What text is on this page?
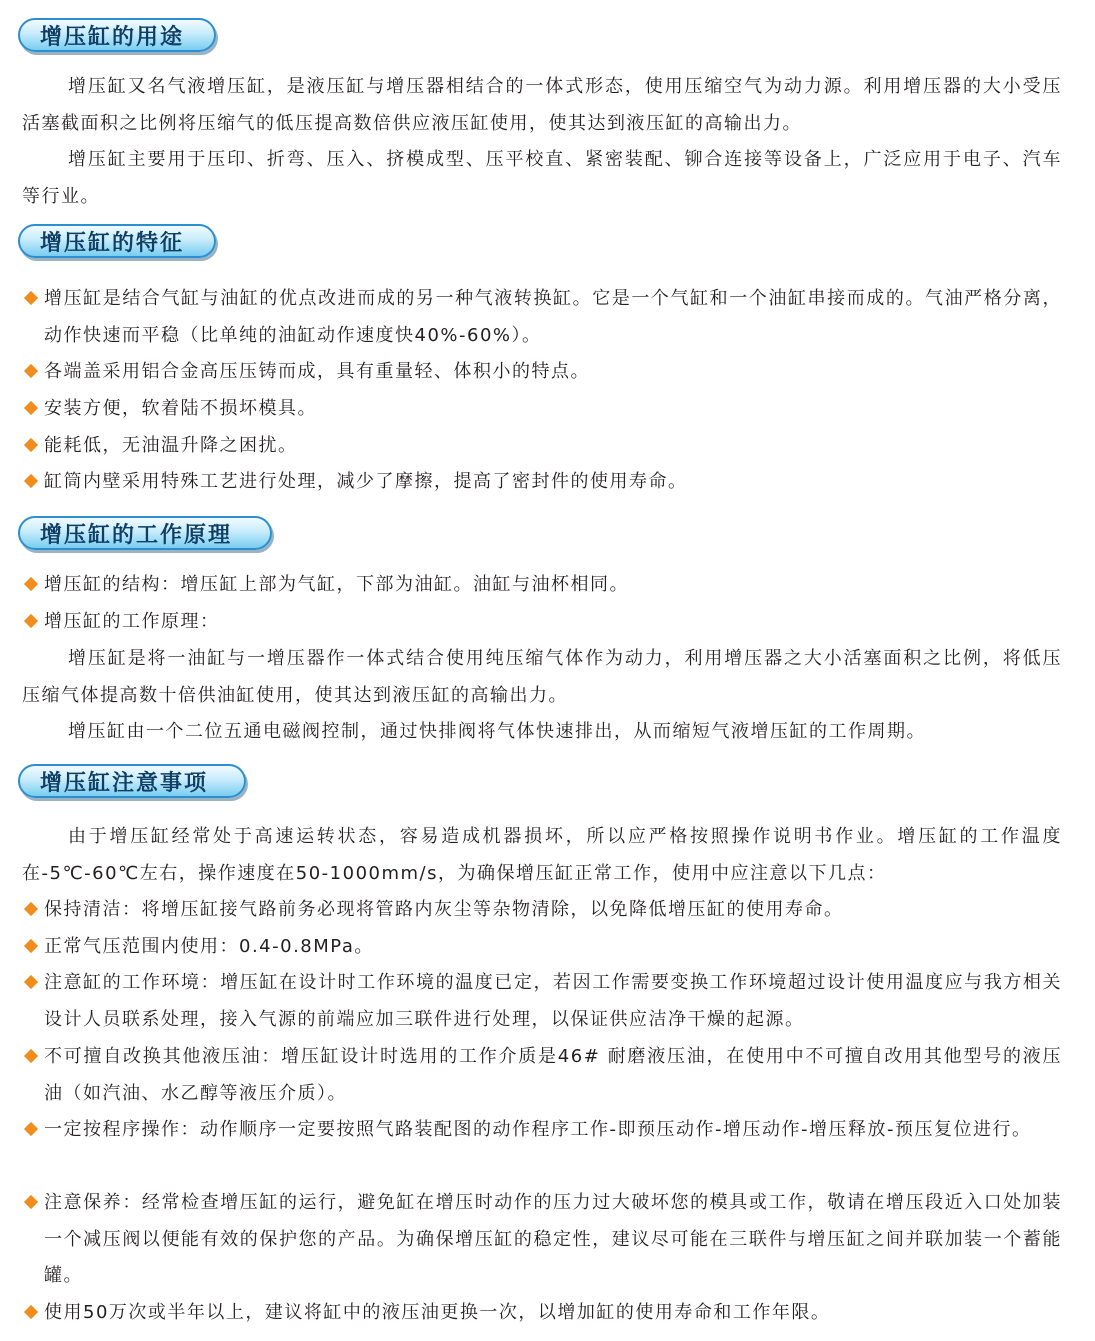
增压缸的用途

增压缸又名气液增压缸，是液压缸与增压器相结合的一体式形态，使用压缩空气为动力源。利用增压器的大小受压活塞截面积之比例将压缩气的低压提高数倍供应液压缸使用，使其达到液压缸的高输出力。

增压缸主要用于压印、折弯、压入、挤模成型、压平校直、紧密装配、铆合连接等设备上，广泛应用于电子、汽车等行业。

增压缸的特征
增压缸是结合气缸与油缸的优点改进而成的另一种气液转换缸。它是一个气缸和一个油缸串接而成的。气油严格分离，动作快速而平稳（比单纯的油缸动作速度快40%-60%）。
各端盖采用铝合金高压压铸而成，具有重量轻、体积小的特点。
安装方便，软着陆不损坏模具。
能耗低，无油温升降之困扰。
缸筒内壁采用特殊工艺进行处理，减少了摩擦，提高了密封件的使用寿命。
增压缸的工作原理
增压缸的结构：增压缸上部为气缸，下部为油缸。油缸与油杯相同。
增压缸的工作原理：

增压缸是将一油缸与一增压器作一体式结合使用纯压缩气体作为动力，利用增压器之大小活塞面积之比例，将低压压缩气体提高数十倍供油缸使用，使其达到液压缸的高输出力。

增压缸由一个二位五通电磁阀控制，通过快排阀将气体快速排出，从而缩短气液增压缸的工作周期。

增压缸注意事项

由于增压缸经常处于高速运转状态，容易造成机器损坏，所以应严格按照操作说明书作业。增压缸的工作温度在-5℃-60℃左右，操作速度在50-1000mm/s，为确保增压缸正常工作，使用中应注意以下几点：

保持清洁：将增压缸接气路前务必现将管路内灰尘等杂物清除，以免降低增压缸的使用寿命。
正常气压范围内使用：0.4-0.8MPa。
注意缸的工作环境：增压缸在设计时工作环境的温度已定，若因工作需要变换工作环境超过设计使用温度应与我方相关设计人员联系处理，接入气源的前端应加三联件进行处理，以保证供应洁净干燥的起源。
不可擅自改换其他液压油：增压缸设计时选用的工作介质是46# 耐磨液压油，在使用中不可擅自改用其他型号的液压油（如汽油、水乙醇等液压介质）。
一定按程序操作：动作顺序一定要按照气路装配图的动作程序工作-即预压动作-增压动作-增压释放-预压复位进行。
注意保养：经常检查增压缸的运行，避免缸在增压时动作的压力过大破坏您的模具或工作，敬请在增压段近入口处加装一个减压阀以便能有效的保护您的产品。为确保增压缸的稳定性，建议尽可能在三联件与增压缸之间并联加装一个蓄能罐。
使用50万次或半年以上，建议将缸中的液压油更换一次，以增加缸的使用寿命和工作年限。
